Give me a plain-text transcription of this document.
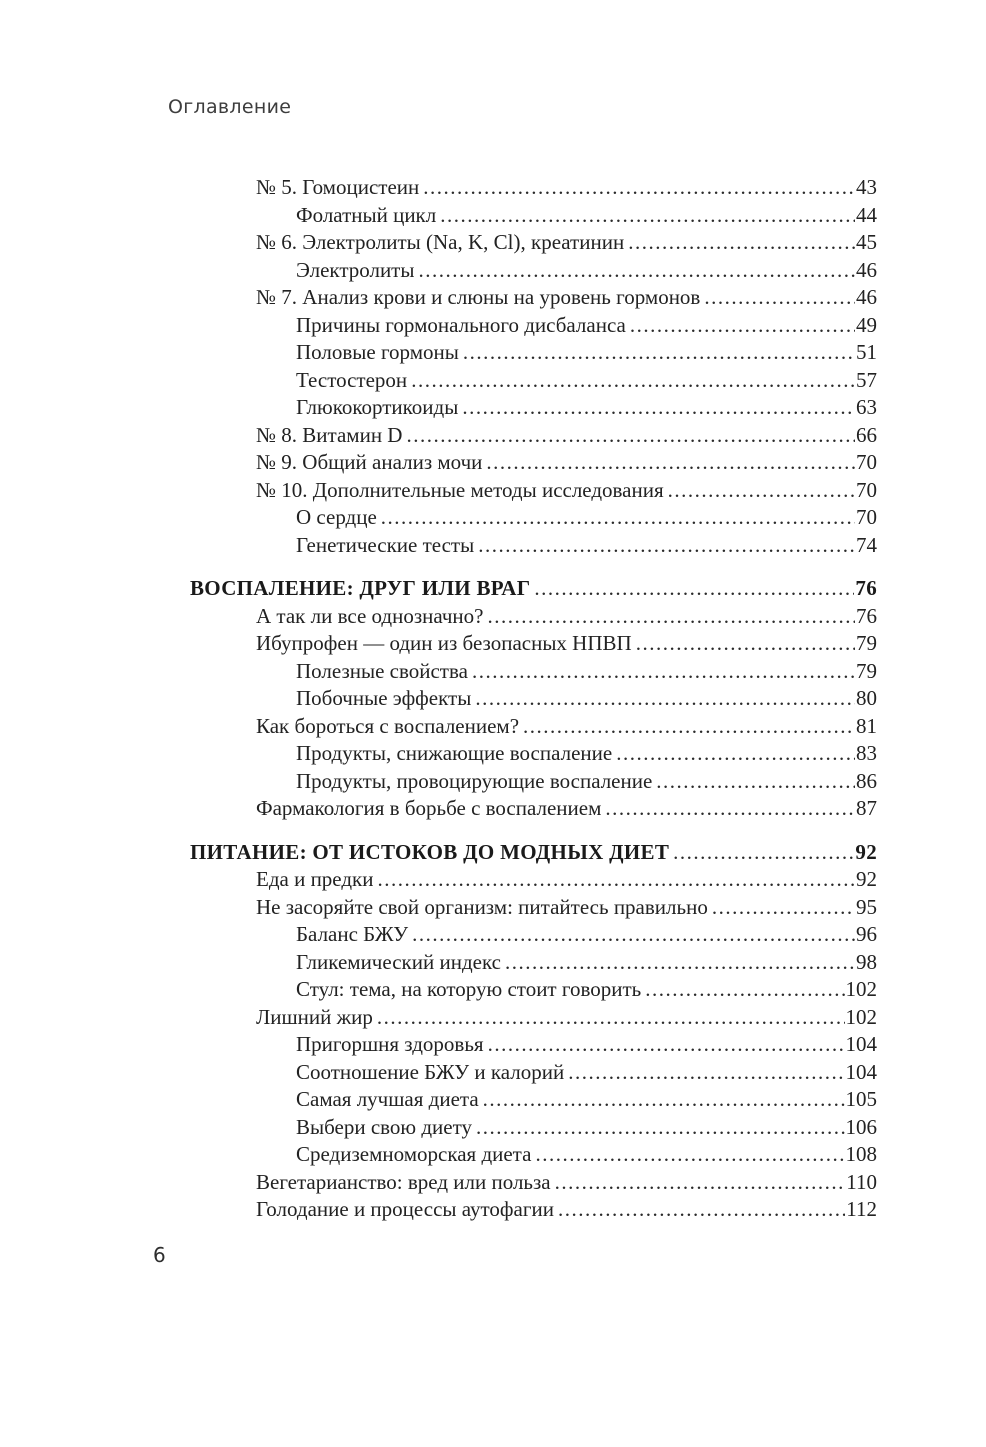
Оглавление
№ 5. Гомоцистеин .....	43
Фолатный цикл .....	44
№ 6. Электролиты (Na, K, Cl), креатинин .....	45
Электролиты .....	46
№ 7. Анализ крови и слюны на уровень гормонов .....	46
Причины гормонального дисбаланса .....	49
Половые гормоны .....	51
Тестостерон .....	57
Глюкокортикоиды .....	63
№ 8. Витамин D .....	66
№ 9. Общий анализ мочи .....	70
№ 10. Дополнительные методы исследования .....	70
О сердце .....	70
Генетические тесты .....	74
ВОСПАЛЕНИЕ: ДРУГ ИЛИ ВРАГ .....	76
А так ли все однозначно? .....	76
Ибупрофен — один из безопасных НПВП .....	79
Полезные свойства .....	79
Побочные эффекты .....	80
Как бороться с воспалением? .....	81
Продукты, снижающие воспаление .....	83
Продукты, провоцирующие воспаление .....	86
Фармакология в борьбе с воспалением .....	87
ПИТАНИЕ: ОТ ИСТОКОВ ДО МОДНЫХ ДИЕТ .....	92
Еда и предки .....	92
Не засоряйте свой организм: питайтесь правильно .....	95
Баланс БЖУ .....	96
Гликемический индекс .....	98
Стул: тема, на которую стоит говорить .....	102
Лишний жир .....	102
Пригоршня здоровья .....	104
Соотношение БЖУ и калорий .....	104
Самая лучшая диета .....	105
Выбери свою диету .....	106
Средиземноморская диета .....	108
Вегетарианство: вред или польза .....	110
Голодание и процессы аутофагии .....	112
6
